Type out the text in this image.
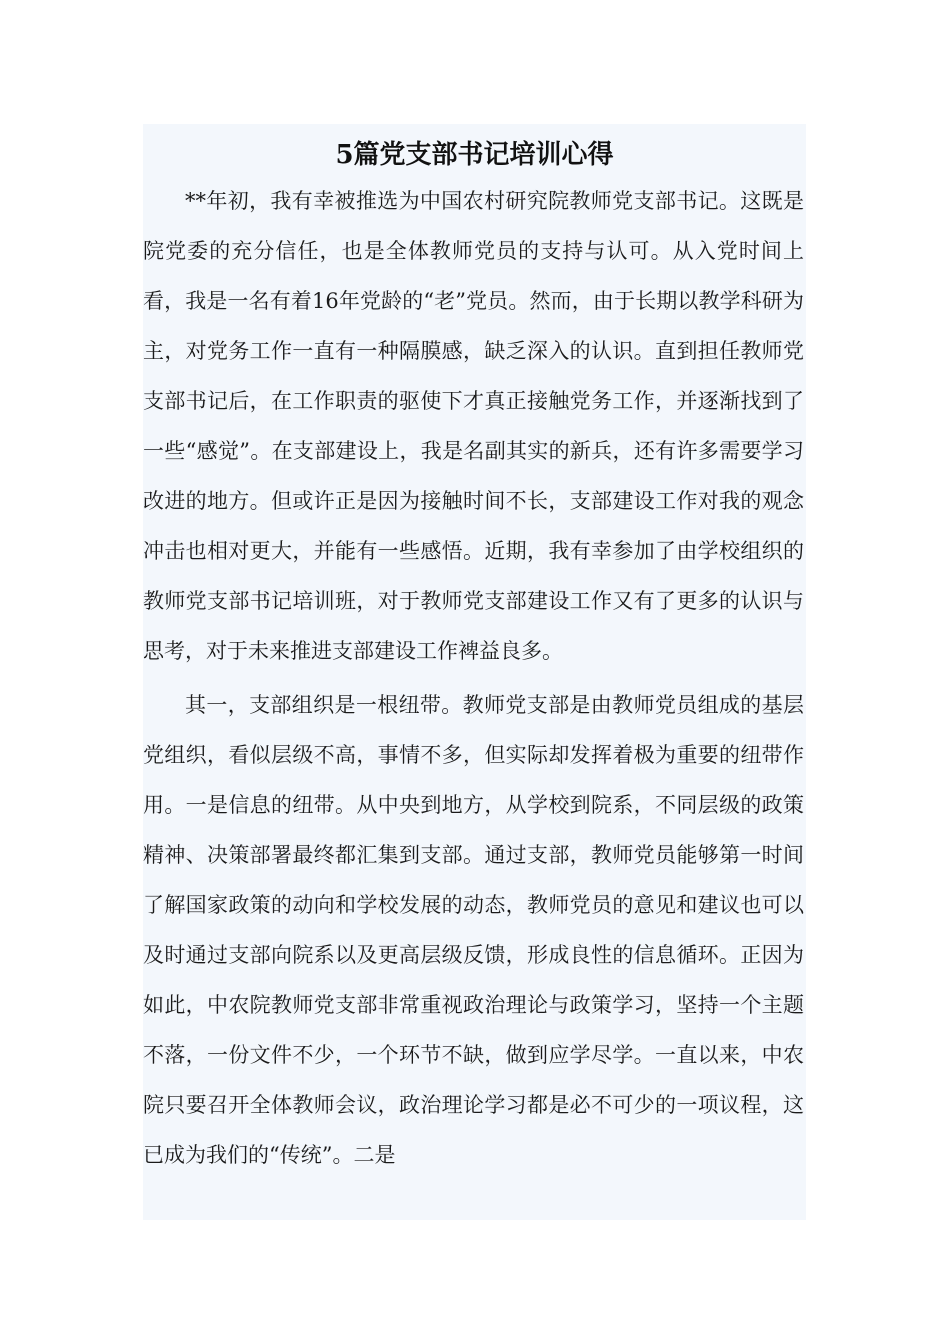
5篇党支部书记培训心得

**年初，我有幸被推选为中国农村研究院教师党支部书记。这既是院党委的充分信任，也是全体教师党员的支持与认可。从入党时间上看，我是一名有着16年党龄的“老”党员。然而，由于长期以教学科研为主，对党务工作一直有一种隔膜感，缺乏深入的认识。直到担任教师党支部书记后，在工作职责的驱使下才真正接触党务工作，并逐渐找到了一些“感觉”。在支部建设上，我是名副其实的新兵，还有许多需要学习改进的地方。但或许正是因为接触时间不长，支部建设工作对我的观念冲击也相对更大，并能有一些感悟。近期，我有幸参加了由学校组织的教师党支部书记培训班，对于教师党支部建设工作又有了更多的认识与思考，对于未来推进支部建设工作裨益良多。

其一，支部组织是一根纽带。教师党支部是由教师党员组成的基层党组织，看似层级不高，事情不多，但实际却发挥着极为重要的纽带作用。一是信息的纽带。从中央到地方，从学校到院系，不同层级的政策精神、决策部署最终都汇集到支部。通过支部，教师党员能够第一时间了解国家政策的动向和学校发展的动态，教师党员的意见和建议也可以及时通过支部向院系以及更高层级反馈，形成良性的信息循环。正因为如此，中农院教师党支部非常重视政治理论与政策学习，坚持一个主题不落，一份文件不少，一个环节不缺，做到应学尽学。一直以来，中农院只要召开全体教师会议，政治理论学习都是必不可少的一项议程，这已成为我们的“传统”。二是
